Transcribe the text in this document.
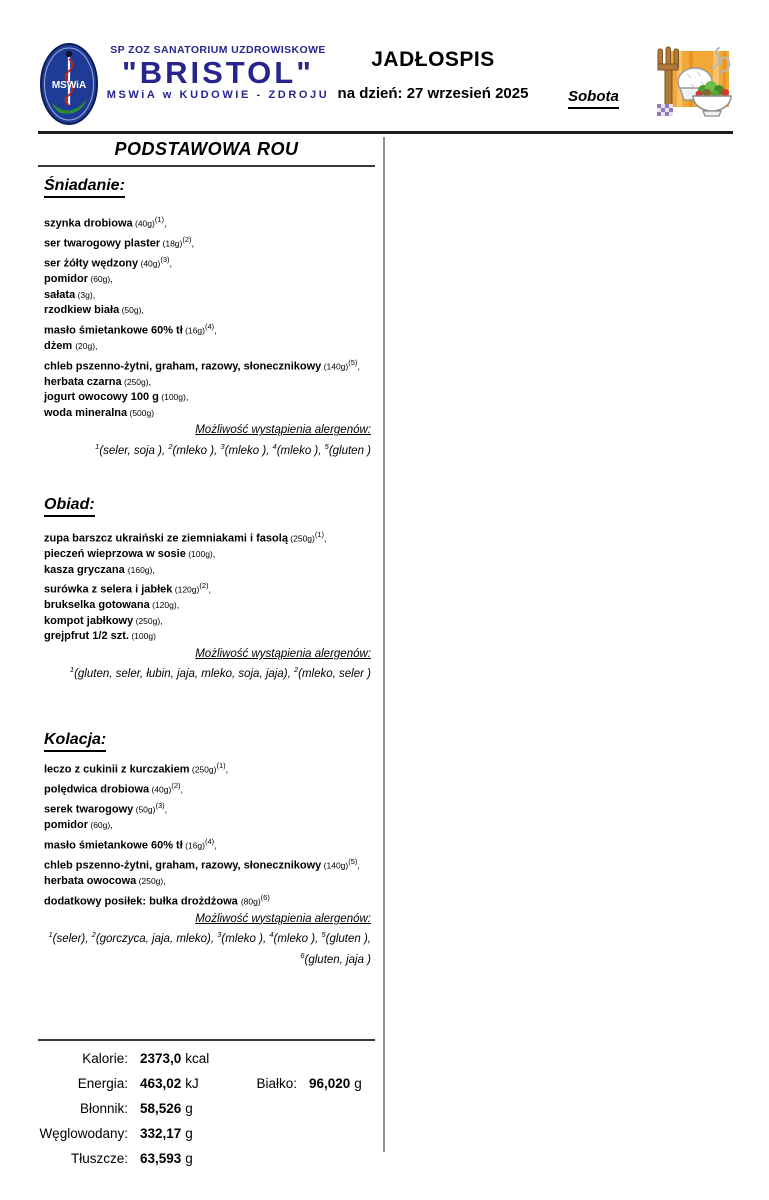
MSWiA
SP ZOZ SANATORIUM UZDROWISKOWE
"BRISTOL"
MSWiA w KUDOWIE - ZDROJU
JADŁOSPIS
na dzień: 27 wrzesień 2025	Sobota
PODSTAWOWA ROU
Śniadanie:
szynka drobiowa $(40g)^{(1)}$,
ser twarogowy plaster $(18g)^{(2)}$,
ser żółty wędzony $(40g)^{(3)}$,
pomidor (60g),
sałata (3g),
rzodkiew biała (50g),
masło śmietankowe 60% tł $(16g)^{(4)}$,
dżem (20g),
chleb pszenno-żytni, graham, razowy, słonecznikowy $(140g)^{(5)}$,
herbata czarna (250g),
jogurt owocowy 100 g (100g),
woda mineralna (500g)
Możliwość wystąpienia alergenów:
$^1$(seler, soja ), $^2$(mleko ), $^3$(mleko ), $^4$(mleko ), $^5$(gluten )
Obiad:
zupa barszcz ukraiński ze ziemniakami i fasolą $(250g)^{(1)}$,
pieczeń wieprzowa w sosie (100g),
kasza gryczana (160g),
surówka z selera i jabłek $(120g)^{(2)}$,
brukselka gotowana (120g),
kompot jabłkowy (250g),
grejpfrut 1/2 szt. (100g)
Możliwość wystąpienia alergenów:
$^1$(gluten, seler, łubin, jaja, mleko, soja, jaja), $^2$(mleko, seler )
Kolacja:
leczo z cukinii z kurczakiem $(250g)^{(1)}$,
polędwica drobiowa $(40g)^{(2)}$,
serek twarogowy $(50g)^{(3)}$,
pomidor (60g),
masło śmietankowe 60% tł $(16g)^{(4)}$,
chleb pszenno-żytni, graham, razowy, słonecznikowy $(140g)^{(5)}$,
herbata owocowa (250g),
dodatkowy posiłek: bułka drożdżowa $(80g)^{(6)}$
Możliwość wystąpienia alergenów:
$^1$(seler), $^2$(gorczyca, jaja, mleko), $^3$(mleko ), $^4$(mleko ), $^5$(gluten ),
$^6$(gluten, jaja )
Kalorie: 2373,0 kcal
Energia: 463,02 kJ	Białko: 96,020 g
Błonnik: 58,526 g
Węglowodany: 332,17 g
Tłuszcze: 63,593 g
